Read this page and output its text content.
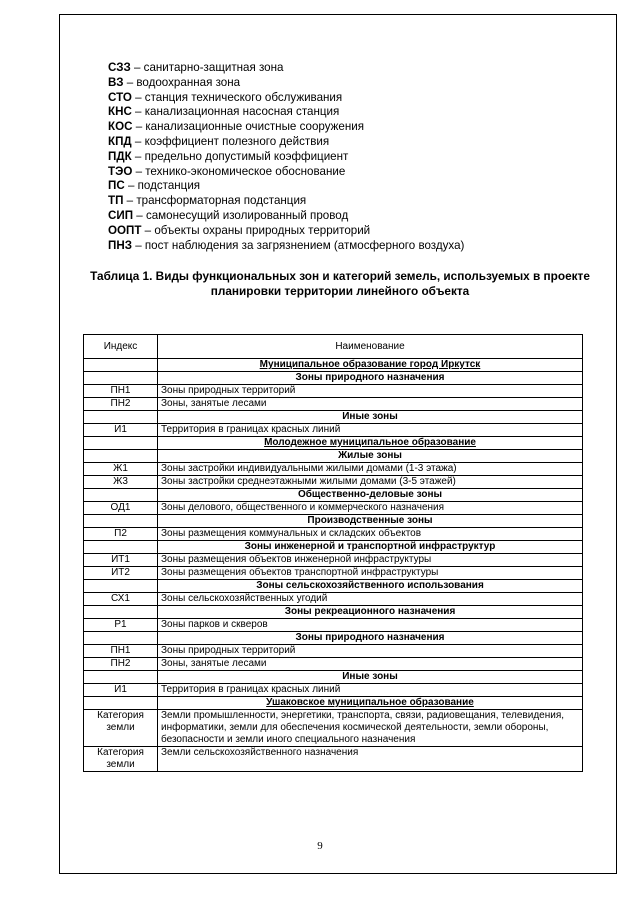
СЗЗ – санитарно-защитная зона
ВЗ – водоохранная зона
СТО – станция технического обслуживания
КНС – канализационная насосная станция
КОС – канализационные очистные сооружения
КПД – коэффициент полезного действия
ПДК – предельно допустимый коэффициент
ТЭО – технико-экономическое обоснование
ПС – подстанция
ТП – трансформаторная подстанция
СИП – самонесущий изолированный провод
ООПТ – объекты охраны природных территорий
ПНЗ – пост наблюдения за загрязнением (атмосферного воздуха)
Таблица 1. Виды функциональных зон и категорий земель, используемых в проекте планировки территории линейного объекта
Индекс	Наименование
	Муниципальное образование город Иркутск
	Зоны природного назначения
ПН1	Зоны природных территорий
ПН2	Зоны, занятые лесами
	Иные зоны
И1	Территория в границах красных линий
	Молодежное муниципальное образование
	Жилые зоны
Ж1	Зоны застройки индивидуальными жилыми домами (1-3 этажа)
Ж3	Зоны застройки среднеэтажными жилыми домами (3-5 этажей)
	Общественно-деловые зоны
ОД1	Зоны делового, общественного и коммерческого назначения
	Производственные зоны
П2	Зоны размещения коммунальных и складских объектов
	Зоны инженерной и транспортной инфраструктур
ИТ1	Зоны размещения объектов инженерной инфраструктуры
ИТ2	Зоны размещения объектов транспортной инфраструктуры
	Зоны сельскохозяйственного использования
СХ1	Зоны сельскохозяйственных угодий
	Зоны рекреационного назначения
Р1	Зоны парков и скверов
	Зоны природного назначения
ПН1	Зоны природных территорий
ПН2	Зоны, занятые лесами
	Иные зоны
И1	Территория в границах красных линий
	Ушаковское муниципальное образование
Категория земли	Земли промышленности, энергетики, транспорта, связи, радиовещания, телевидения, информатики, земли для обеспечения космической деятельности, земли обороны, безопасности и земли иного специального назначения
Категория земли	Земли сельскохозяйственного назначения
9
